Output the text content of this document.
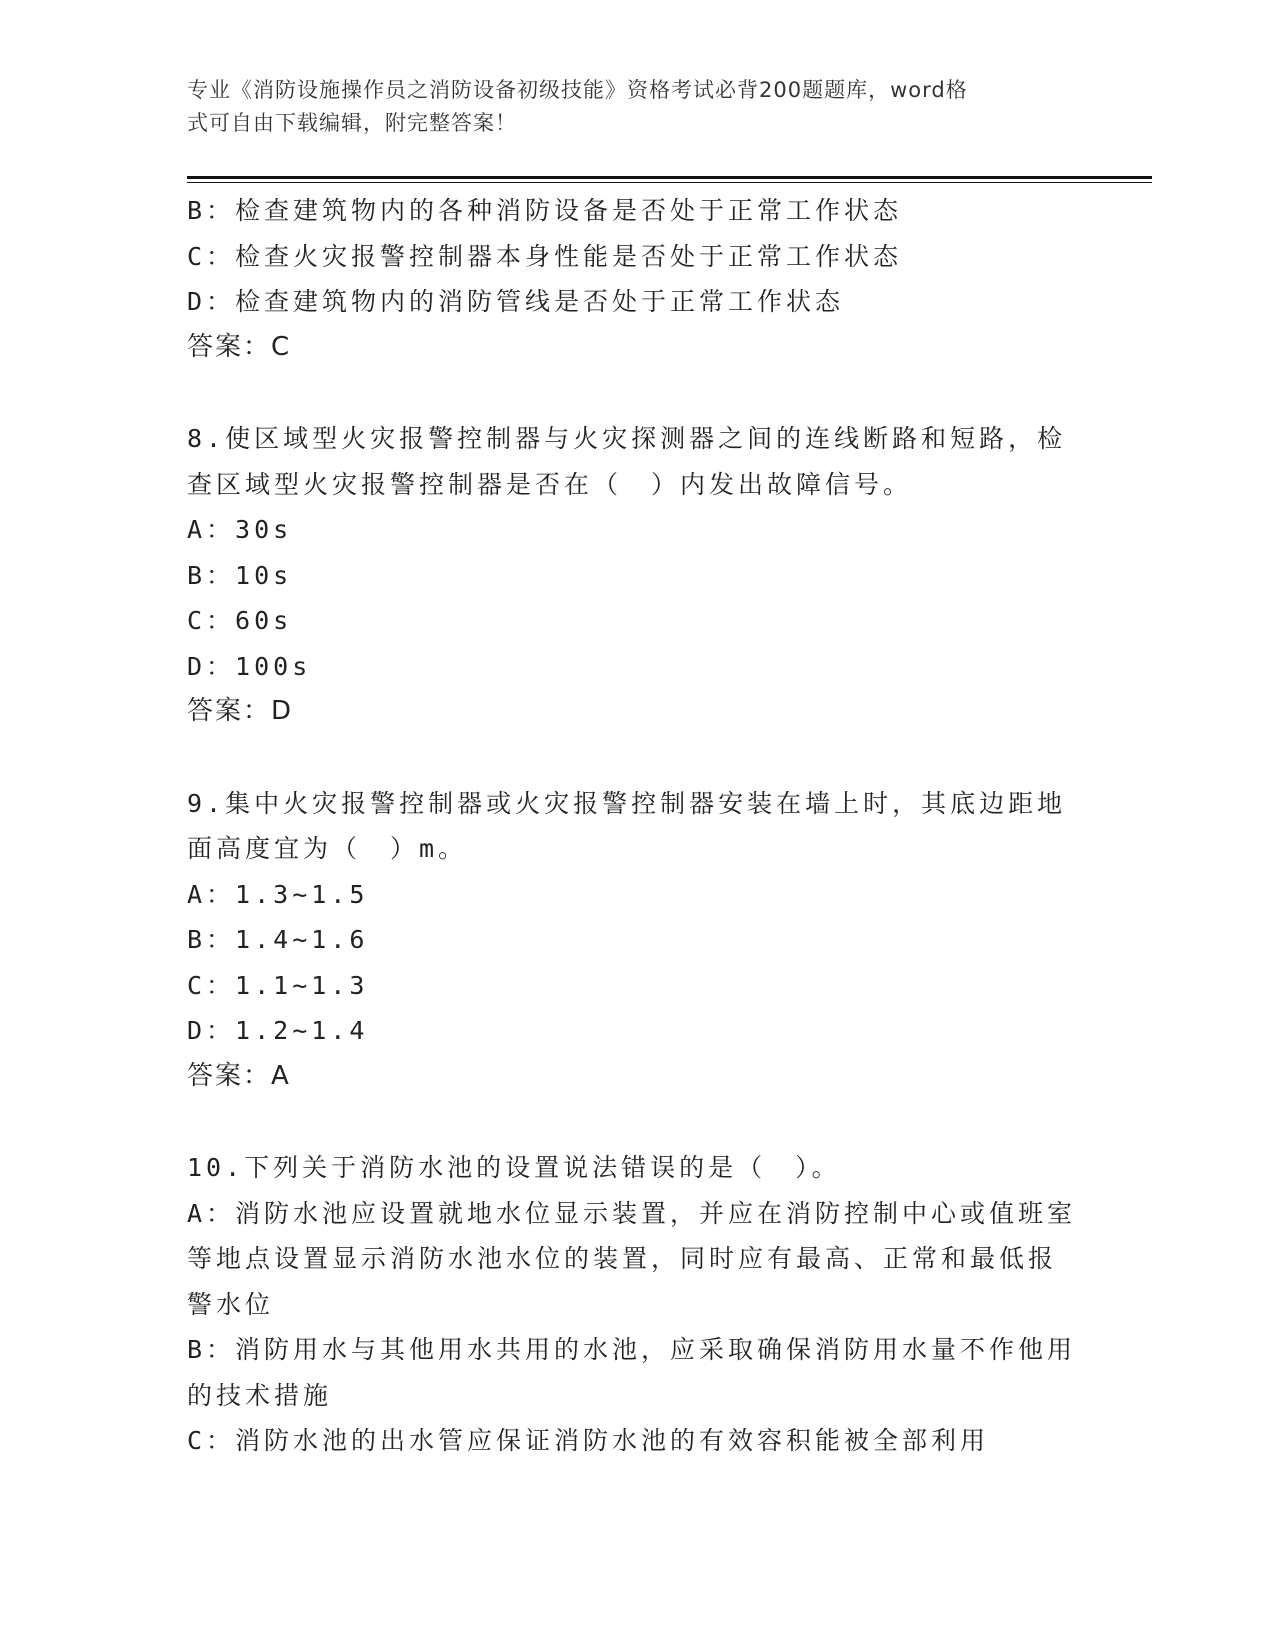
专业《消防设施操作员之消防设备初级技能》资格考试必背200题题库，word格
式可自由下载编辑，附完整答案！
B：检查建筑物内的各种消防设备是否处于正常工作状态
C：检查火灾报警控制器本身性能是否处于正常工作状态
D：检查建筑物内的消防管线是否处于正常工作状态
答案：C
8.使区域型火灾报警控制器与火灾探测器之间的连线断路和短路，检
查区域型火灾报警控制器是否在（　）内发出故障信号。
A：30s
B：10s
C：60s
D：100s
答案：D
9.集中火灾报警控制器或火灾报警控制器安装在墙上时，其底边距地
面高度宜为（　）m。
A：1.3~1.5
B：1.4~1.6
C：1.1~1.3
D：1.2~1.4
答案：A
10.下列关于消防水池的设置说法错误的是（　）。
A：消防水池应设置就地水位显示装置，并应在消防控制中心或值班室
等地点设置显示消防水池水位的装置，同时应有最高、正常和最低报
警水位
B：消防用水与其他用水共用的水池，应采取确保消防用水量不作他用
的技术措施
C：消防水池的出水管应保证消防水池的有效容积能被全部利用
